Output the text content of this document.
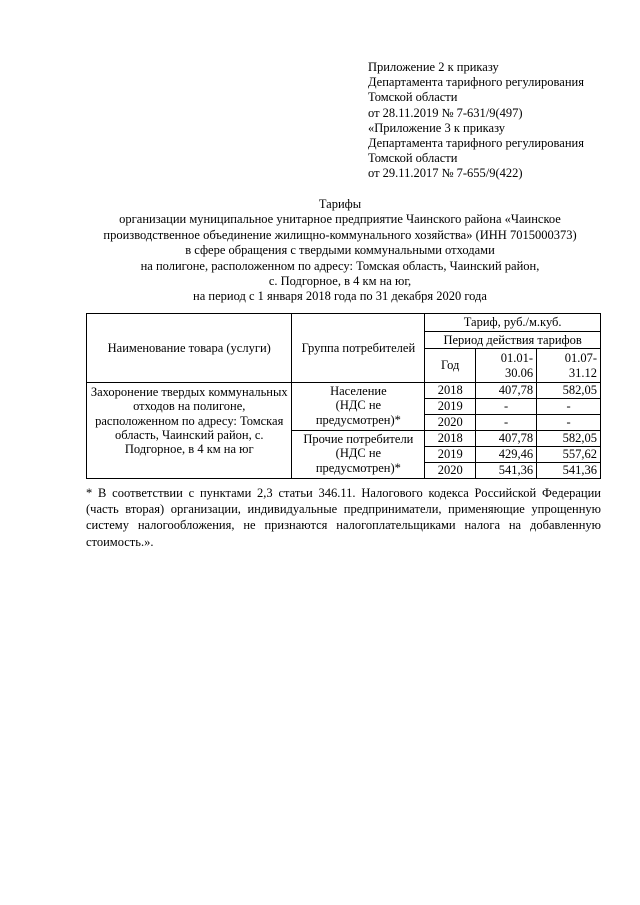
Приложение 2 к приказу
Департамента тарифного регулирования
Томской области
от 28.11.2019 № 7-631/9(497)
«Приложение 3 к приказу
Департамента тарифного регулирования
Томской области
от 29.11.2017 № 7-655/9(422)
Тарифы
организации муниципальное унитарное предприятие Чаинского района «Чаинское
производственное объединение жилищно-коммунального хозяйства» (ИНН 7015000373)
в сфере обращения с твердыми коммунальными отходами
на полигоне, расположенном по адресу: Томская область, Чаинский район,
с. Подгорное, в 4 км на юг,
на период с 1 января 2018 года по 31 декабря 2020 года
Наименование товара (услуги)	Группа потребителей	Тариф, руб./м.куб.		
		Период действия тарифов		
		Год	01.01-
30.06	01.07-
31.12
Захоронение твердых коммунальных отходов на полигоне, расположенном по адресу: Томская область, Чаинский район, с. Подгорное, в 4 км на юг	Население
(НДС не
предусмотрен)*	2018	407,78	582,05
		2019	-	-
		2020	-	-
	Прочие потребители
(НДС не
предусмотрен)*	2018	407,78	582,05
		2019	429,46	557,62
		2020	541,36	541,36
* В соответствии с пунктами 2,3 статьи 346.11. Налогового кодекса Российской Федерации (часть вторая) организации, индивидуальные предприниматели, применяющие упрощенную систему налогообложения, не признаются налогоплательщиками налога на добавленную стоимость.».
